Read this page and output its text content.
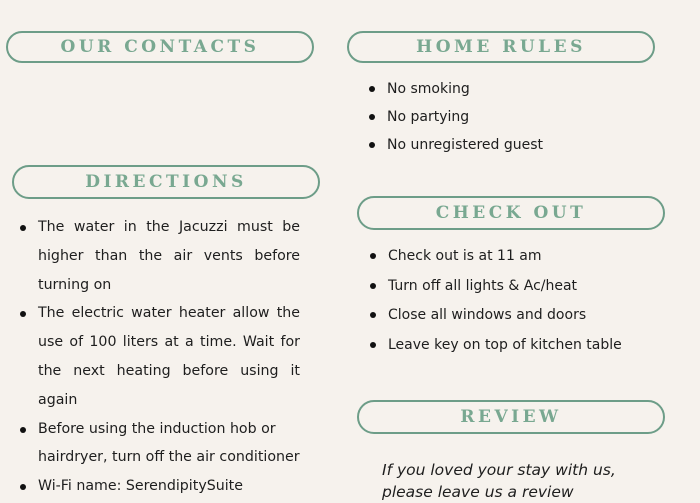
OUR CONTACTS	HOME RULES
No smoking
No partying
No unregistered guest
DIRECTIONS
The water in the Jacuzzi must be higher than the air vents before turning on
The electric water heater allow the use of 100 liters at a time. Wait for the next heating before using it again
Before using the induction hob or hairdryer, turn off the air conditioner
Wi-Fi name: SerendipitySuite
CHECK OUT
Check out is at 11 am
Turn off all lights & Ac/heat
Close all windows and doors
Leave key on top of kitchen table
REVIEW
If you loved your stay with us,
please leave us a review
